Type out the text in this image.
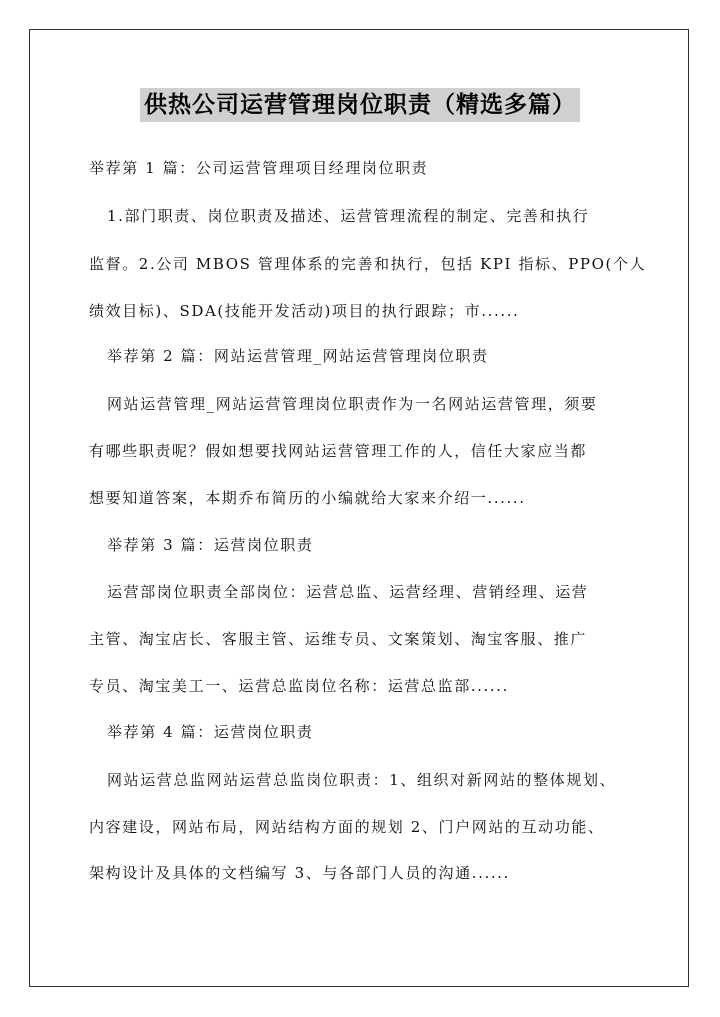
供热公司运营管理岗位职责（精选多篇）
举荐第 1 篇：公司运营管理项目经理岗位职责
1.部门职责、岗位职责及描述、运营管理流程的制定、完善和执行
监督。2.公司 MBOS 管理体系的完善和执行，包括 KPI 指标、PPO(个人
绩效目标)、SDA(技能开发活动)项目的执行跟踪；市......
举荐第 2 篇：网站运营管理_网站运营管理岗位职责
网站运营管理_网站运营管理岗位职责作为一名网站运营管理，须要
有哪些职责呢？假如想要找网站运营管理工作的人，信任大家应当都
想要知道答案，本期乔布简历的小编就给大家来介绍一......
举荐第 3 篇：运营岗位职责
运营部岗位职责全部岗位：运营总监、运营经理、营销经理、运营
主管、淘宝店长、客服主管、运维专员、文案策划、淘宝客服、推广
专员、淘宝美工一、运营总监岗位名称：运营总监部......
举荐第 4 篇：运营岗位职责
网站运营总监网站运营总监岗位职责：1、组织对新网站的整体规划、
内容建设，网站布局，网站结构方面的规划 2、门户网站的互动功能、
架构设计及具体的文档编写 3、与各部门人员的沟通......
